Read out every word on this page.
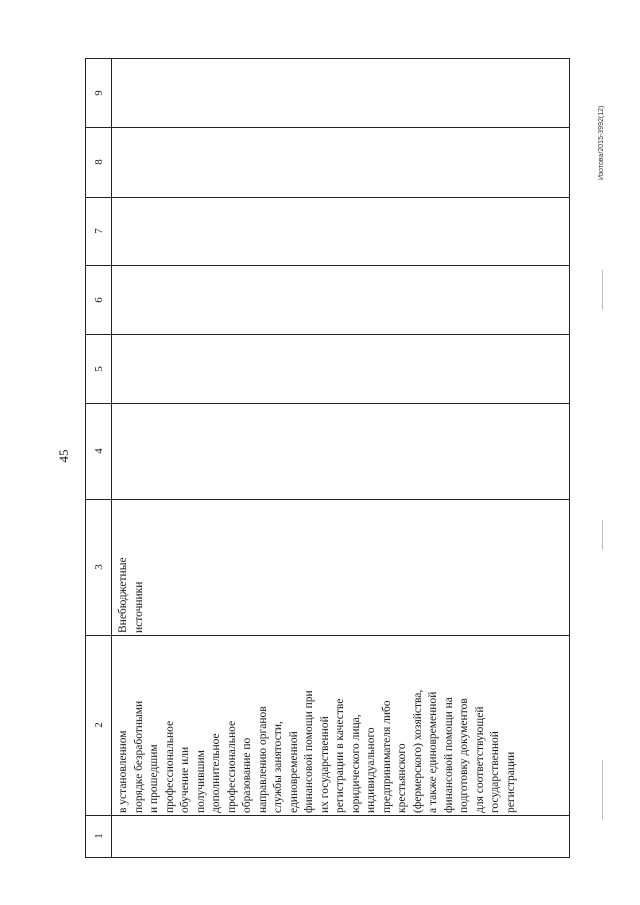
45
Изотова/2015-3992(12)
1
2
3
4
5
6
7
8
9
в установленном порядке безработными и прошедшим профессиональное обучение или получившим дополнительное профессиональное образование по направлению органов службы занятости, единовременной финансовой помощи при их государственной регистрации в качестве юридического лица, индивидуального предпринимателя либо крестьянского (фермерского) хозяйства, а также единовременной финансовой помощи на подготовку документов для соответствующей государственной регистрации
Внебюджетные источники
